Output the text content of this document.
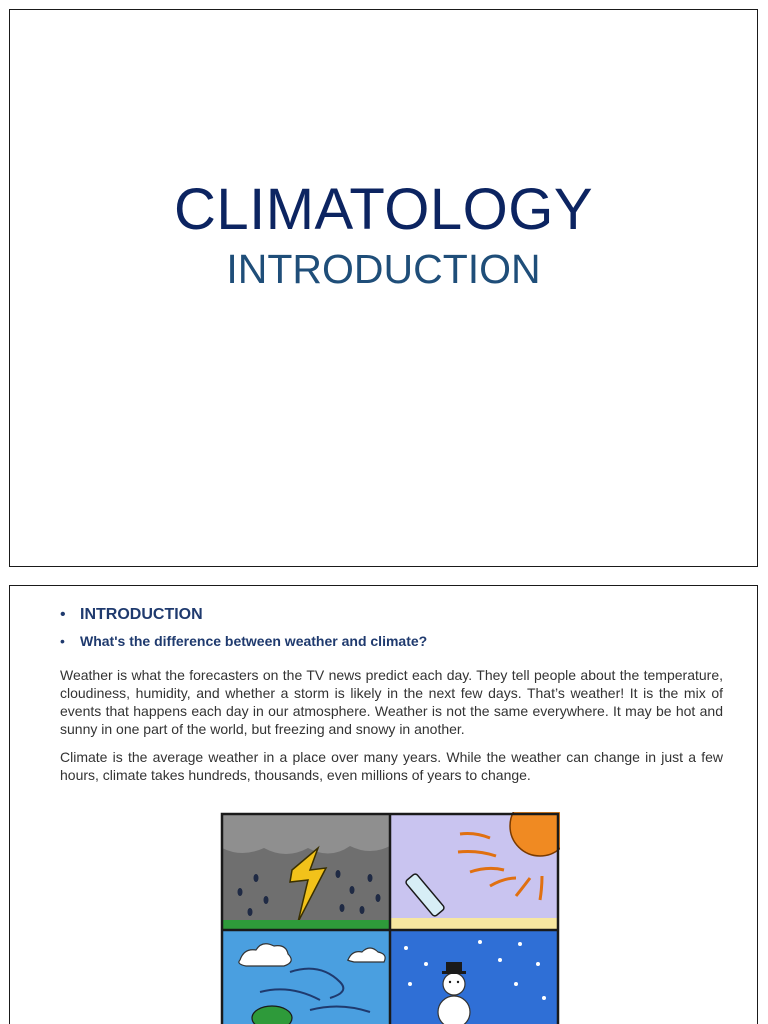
CLIMATOLOGY
INTRODUCTION
• INTRODUCTION
• What's the difference between weather and climate?

Weather is what the forecasters on the TV news predict each day. They tell people about the temperature, cloudiness, humidity, and whether a storm is likely in the next few days. That’s weather! It is the mix of events that happens each day in our atmosphere. Weather is not the same everywhere. It may be hot and sunny in one part of the world, but freezing and snowy in another.

Climate is the average weather in a place over many years. While the weather can change in just a few hours, climate takes hundreds, thousands, even millions of years to change.
